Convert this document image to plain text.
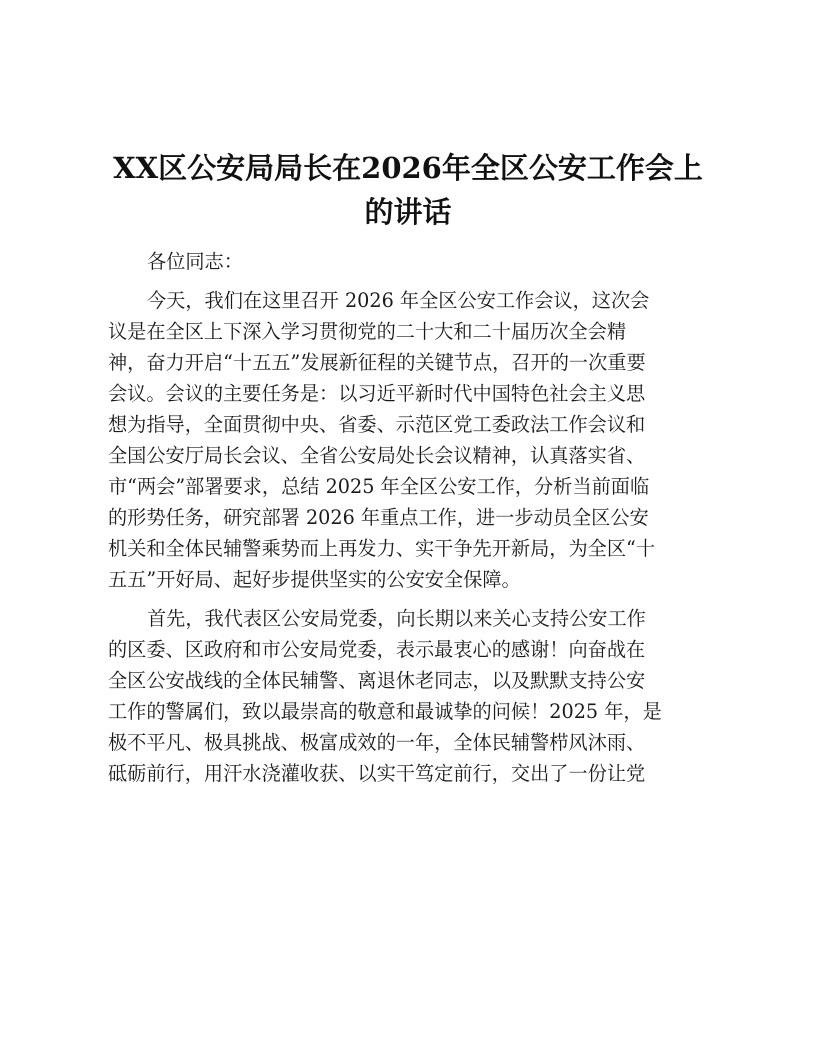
XX区公安局局长在2026年全区公安工作会上
的讲话
各位同志：
今天，我们在这里召开 2026 年全区公安工作会议，这次会
议是在全区上下深入学习贯彻党的二十大和二十届历次全会精
神，奋力开启“十五五”发展新征程的关键节点，召开的一次重要
会议。会议的主要任务是：以习近平新时代中国特色社会主义思
想为指导，全面贯彻中央、省委、示范区党工委政法工作会议和
全国公安厅局长会议、全省公安局处长会议精神，认真落实省、
市“两会”部署要求，总结 2025 年全区公安工作，分析当前面临
的形势任务，研究部署 2026 年重点工作，进一步动员全区公安
机关和全体民辅警乘势而上再发力、实干争先开新局，为全区“十
五五”开好局、起好步提供坚实的公安安全保障。
首先，我代表区公安局党委，向长期以来关心支持公安工作
的区委、区政府和市公安局党委，表示最衷心的感谢！向奋战在
全区公安战线的全体民辅警、离退休老同志，以及默默支持公安
工作的警属们，致以最崇高的敬意和最诚挚的问候！2025 年，是
极不平凡、极具挑战、极富成效的一年，全体民辅警栉风沐雨、
砥砺前行，用汗水浇灌收获、以实干笃定前行，交出了一份让党
